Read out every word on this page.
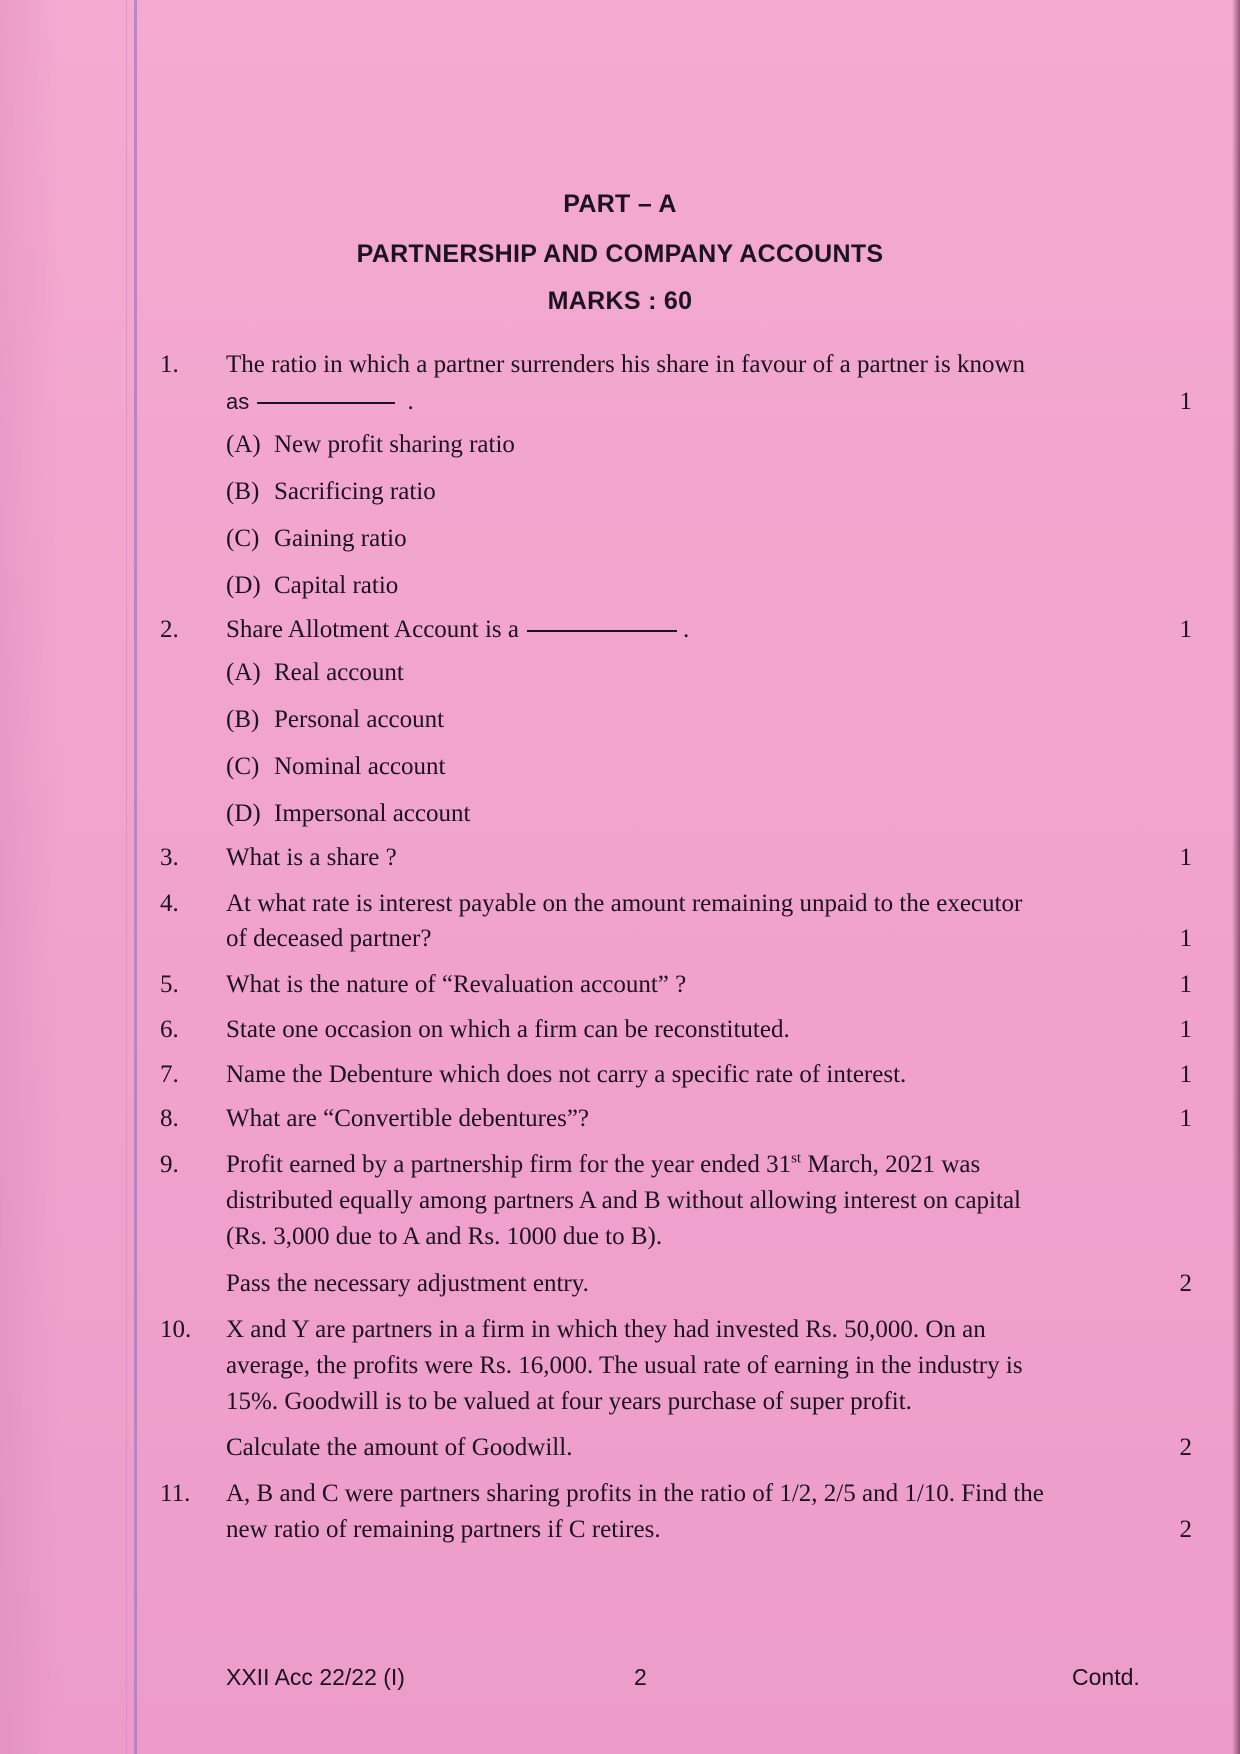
PART – A
PARTNERSHIP AND COMPANY ACCOUNTS
MARKS : 60
1.	The ratio in which a partner surrenders his share in favour of a partner is known
as	.	1
(A) New profit sharing ratio
(B) Sacrificing ratio
(C) Gaining ratio
(D) Capital ratio
2.	Share Allotment Account is a	.	1
(A) Real account
(B) Personal account
(C) Nominal account
(D) Impersonal account
3.	What is a share ?	1
4.	At what rate is interest payable on the amount remaining unpaid to the executor
of deceased partner?	1
5.	What is the nature of “Revaluation account” ?	1
6.	State one occasion on which a firm can be reconstituted.	1
7.	Name the Debenture which does not carry a specific rate of interest.	1
8.	What are “Convertible debentures”?	1
9.	Profit earned by a partnership firm for the year ended 31st March, 2021 was
distributed equally among partners A and B without allowing interest on capital
(Rs. 3,000 due to A and Rs. 1000 due to B).
Pass the necessary adjustment entry.	2
10.	X and Y are partners in a firm in which they had invested Rs. 50,000. On an
average, the profits were Rs. 16,000. The usual rate of earning in the industry is
15%. Goodwill is to be valued at four years purchase of super profit.
Calculate the amount of Goodwill.	2
11.	A, B and C were partners sharing profits in the ratio of 1/2, 2/5 and 1/10. Find the
new ratio of remaining partners if C retires.	2
XXII Acc 22/22 (I)	2	Contd.
